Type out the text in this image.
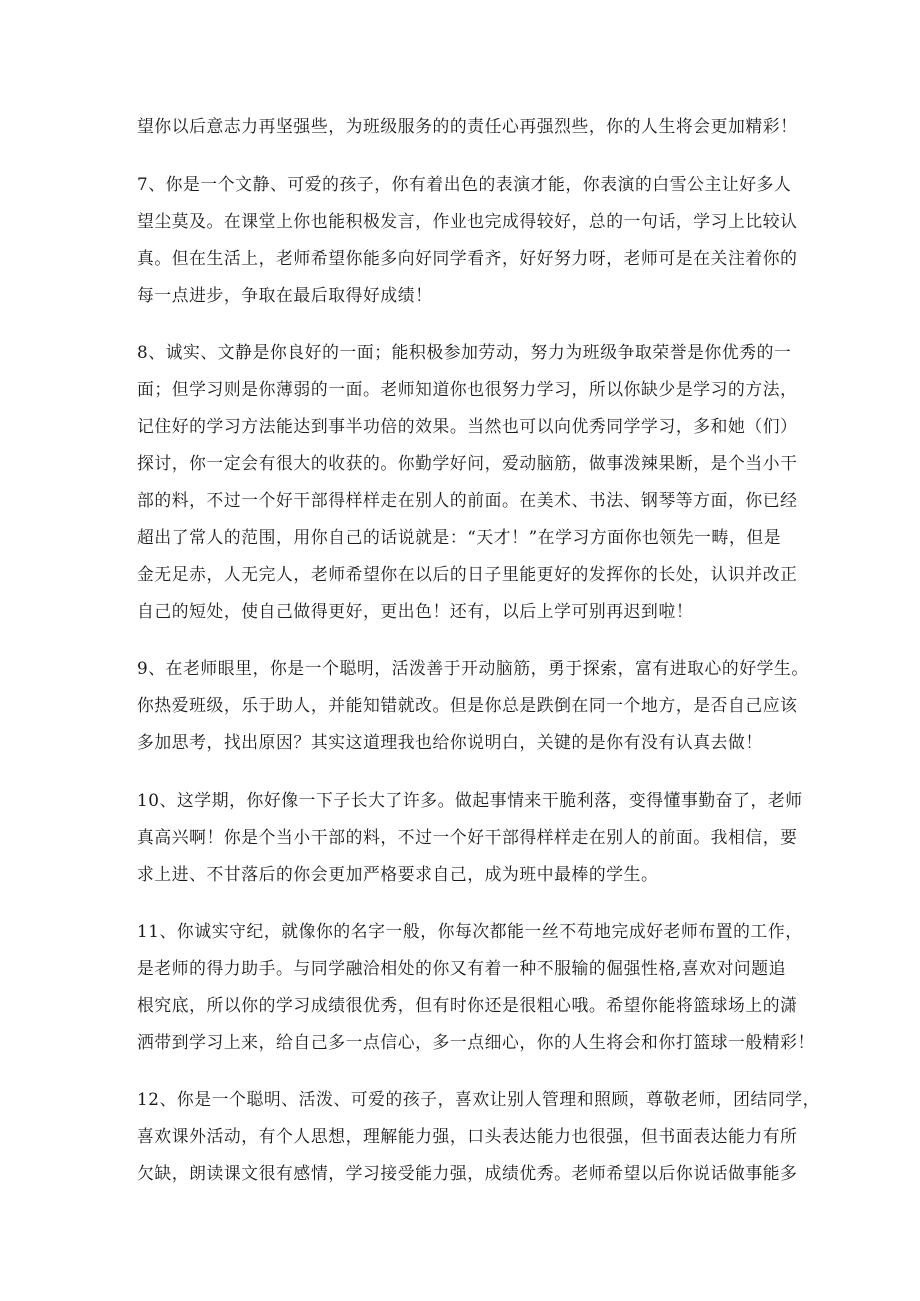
望你以后意志力再坚强些，为班级服务的的责任心再强烈些，你的人生将会更加精彩！
7、你是一个文静、可爱的孩子，你有着出色的表演才能，你表演的白雪公主让好多人
望尘莫及。在课堂上你也能积极发言，作业也完成得较好，总的一句话，学习上比较认
真。但在生活上，老师希望你能多向好同学看齐，好好努力呀，老师可是在关注着你的
每一点进步，争取在最后取得好成绩！
8、诚实、文静是你良好的一面；能积极参加劳动，努力为班级争取荣誉是你优秀的一
面；但学习则是你薄弱的一面。老师知道你也很努力学习，所以你缺少是学习的方法，
记住好的学习方法能达到事半功倍的效果。当然也可以向优秀同学学习，多和她（们）
探讨，你一定会有很大的收获的。你勤学好问，爱动脑筋，做事泼辣果断，是个当小干
部的料，不过一个好干部得样样走在别人的前面。在美术、书法、钢琴等方面，你已经
超出了常人的范围，用你自己的话说就是：“天才！”在学习方面你也领先一畴，但是
金无足赤，人无完人，老师希望你在以后的日子里能更好的发挥你的长处，认识并改正
自己的短处，使自己做得更好，更出色！还有，以后上学可别再迟到啦！
9、在老师眼里，你是一个聪明，活泼善于开动脑筋，勇于探索，富有进取心的好学生。
你热爱班级，乐于助人，并能知错就改。但是你总是跌倒在同一个地方，是否自己应该
多加思考，找出原因？其实这道理我也给你说明白，关键的是你有没有认真去做！
10、这学期，你好像一下子长大了许多。做起事情来干脆利落，变得懂事勤奋了，老师
真高兴啊！你是个当小干部的料，不过一个好干部得样样走在别人的前面。我相信，要
求上进、不甘落后的你会更加严格要求自己，成为班中最棒的学生。
11、你诚实守纪，就像你的名字一般，你每次都能一丝不苟地完成好老师布置的工作，
是老师的得力助手。与同学融洽相处的你又有着一种不服输的倔强性格,喜欢对问题追
根究底，所以你的学习成绩很优秀，但有时你还是很粗心哦。希望你能将篮球场上的潇
洒带到学习上来，给自己多一点信心，多一点细心，你的人生将会和你打篮球一般精彩！
12、你是一个聪明、活泼、可爱的孩子，喜欢让别人管理和照顾，尊敬老师，团结同学，
喜欢课外活动，有个人思想，理解能力强，口头表达能力也很强，但书面表达能力有所
欠缺，朗读课文很有感情，学习接受能力强，成绩优秀。老师希望以后你说话做事能多
